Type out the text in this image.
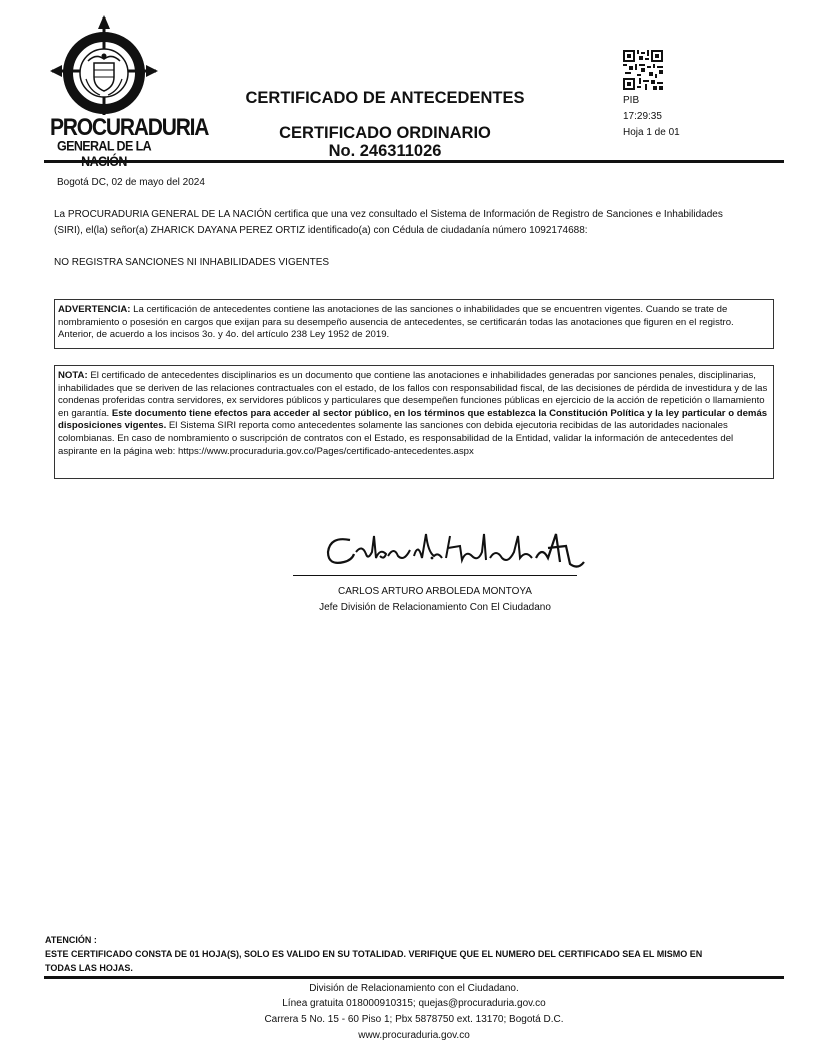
PROCURADURIA
GENERAL DE LA
CERTIFICADO DE ANTECEDENTES
CERTIFICADO ORDINARIO
No. 246311026
PIB
17:29:35
Hoja 1 de 01
Bogotá DC, 02 de mayo del 2024
La PROCURADURIA GENERAL DE LA NACIÓN certifica que una vez consultado el Sistema de Información de Registro de Sanciones e Inhabilidades
(SIRI), el(la) señor(a) ZHARICK DAYANA PEREZ ORTIZ identificado(a) con Cédula de ciudadanía número 1092174688:
NO REGISTRA SANCIONES NI INHABILIDADES VIGENTES
ADVERTENCIA: La certificación de antecedentes contiene las anotaciones de las sanciones o inhabilidades que se encuentren vigentes. Cuando se trate de nombramiento o posesión en cargos que exijan para su desempeño ausencia de antecedentes, se certificarán todas las anotaciones que figuren en el registro. Anterior, de acuerdo a los incisos 3o. y 4o. del artículo 238 Ley 1952 de 2019.
NOTA: El certificado de antecedentes disciplinarios es un documento que contiene las anotaciones e inhabilidades generadas por sanciones penales, disciplinarias, inhabilidades que se deriven de las relaciones contractuales con el estado, de los fallos con responsabilidad fiscal, de las decisiones de pérdida de investidura y de las condenas proferidas contra servidores, ex servidores públicos y particulares que desempeñen funciones públicas en ejercicio de la acción de repetición o llamamiento en garantía. Este documento tiene efectos para acceder al sector público, en los términos que establezca la Constitución Política y la ley particular o demás disposiciones vigentes. El Sistema SIRI reporta como antecedentes solamente las sanciones con debida ejecutoria recibidas de las autoridades nacionales colombianas. En caso de nombramiento o suscripción de contratos con el Estado, es responsabilidad de la Entidad, validar la información de antecedentes del aspirante en la página web: https://www.procuraduria.gov.co/Pages/certificado-antecedentes.aspx
CARLOS ARTURO ARBOLEDA MONTOYA
Jefe División de Relacionamiento Con El Ciudadano
ATENCIÓN :
ESTE CERTIFICADO CONSTA DE 01 HOJA(S), SOLO ES VALIDO EN SU TOTALIDAD. VERIFIQUE QUE EL NUMERO DEL CERTIFICADO SEA EL MISMO EN
TODAS LAS HOJAS.
División de Relacionamiento con el Ciudadano.
Línea gratuita 018000910315; quejas@procuraduria.gov.co
Carrera 5 No. 15 - 60 Piso 1; Pbx 5878750 ext. 13170; Bogotá D.C.
www.procuraduria.gov.co
